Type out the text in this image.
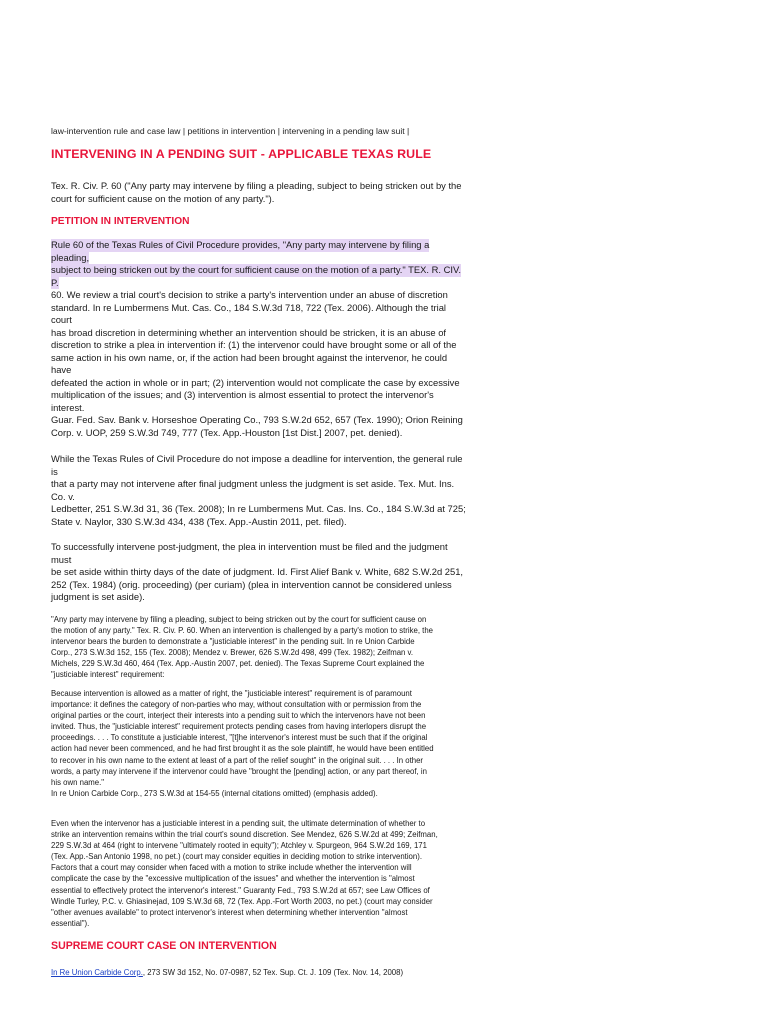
law-intervention rule and case law | petitions in intervention | intervening in a pending law suit |
INTERVENING IN A PENDING SUIT - APPLICABLE TEXAS RULE
Tex. R. Civ. P. 60 ("Any party may intervene by filing a pleading, subject to being stricken out by the
court for sufficient cause on the motion of any party.").
PETITION IN INTERVENTION
Rule 60 of the Texas Rules of Civil Procedure provides, "Any party may intervene by filing a
pleading,
subject to being stricken out by the court for sufficient cause on the motion of a party." TEX. R. CIV.
P.
60. We review a trial court's decision to strike a party's intervention under an abuse of discretion
standard. In re Lumbermens Mut. Cas. Co., 184 S.W.3d 718, 722 (Tex. 2006). Although the trial
court
has broad discretion in determining whether an intervention should be stricken, it is an abuse of
discretion to strike a plea in intervention if: (1) the intervenor could have brought some or all of the
same action in his own name, or, if the action had been brought against the intervenor, he could
have
defeated the action in whole or in part; (2) intervention would not complicate the case by excessive
multiplication of the issues; and (3) intervention is almost essential to protect the intervenor's
interest.
Guar. Fed. Sav. Bank v. Horseshoe Operating Co., 793 S.W.2d 652, 657 (Tex. 1990); Orion Reining
Corp. v. UOP, 259 S.W.3d 749, 777 (Tex. App.-Houston [1st Dist.] 2007, pet. denied).
While the Texas Rules of Civil Procedure do not impose a deadline for intervention, the general rule
is
that a party may not intervene after final judgment unless the judgment is set aside. Tex. Mut. Ins.
Co. v.
Ledbetter, 251 S.W.3d 31, 36 (Tex. 2008); In re Lumbermens Mut. Cas. Ins. Co., 184 S.W.3d at 725;
State v. Naylor, 330 S.W.3d 434, 438 (Tex. App.-Austin 2011, pet. filed).
To successfully intervene post-judgment, the plea in intervention must be filed and the judgment
must
be set aside within thirty days of the date of judgment. Id. First Alief Bank v. White, 682 S.W.2d 251,
252 (Tex. 1984) (orig. proceeding) (per curiam) (plea in intervention cannot be considered unless
judgment is set aside).
"Any party may intervene by filing a pleading, subject to being stricken out by the court for sufficient cause on
the motion of any party." Tex. R. Civ. P. 60. When an intervention is challenged by a party's motion to strike, the
intervenor bears the burden to demonstrate a "justiciable interest" in the pending suit. In re Union Carbide
Corp., 273 S.W.3d 152, 155 (Tex. 2008); Mendez v. Brewer, 626 S.W.2d 498, 499 (Tex. 1982); Zeifman v.
Michels, 229 S.W.3d 460, 464 (Tex. App.-Austin 2007, pet. denied). The Texas Supreme Court explained the
"justiciable interest" requirement:
Because intervention is allowed as a matter of right, the "justiciable interest" requirement is of paramount
importance: it defines the category of non-parties who may, without consultation with or permission from the
original parties or the court, interject their interests into a pending suit to which the intervenors have not been
invited. Thus, the "justiciable interest" requirement protects pending cases from having interlopers disrupt the
proceedings. . . . To constitute a justiciable interest, "[t]he intervenor's interest must be such that if the original
action had never been commenced, and he had first brought it as the sole plaintiff, he would have been entitled
to recover in his own name to the extent at least of a part of the relief sought" in the original suit. . . . In other
words, a party may intervene if the intervenor could have "brought the [pending] action, or any part thereof, in
his own name."
In re Union Carbide Corp., 273 S.W.3d at 154-55 (internal citations omitted) (emphasis added).
Even when the intervenor has a justiciable interest in a pending suit, the ultimate determination of whether to
strike an intervention remains within the trial court's sound discretion. See Mendez, 626 S.W.2d at 499; Zeifman,
229 S.W.3d at 464 (right to intervene "ultimately rooted in equity"); Atchley v. Spurgeon, 964 S.W.2d 169, 171
(Tex. App.-San Antonio 1998, no pet.) (court may consider equities in deciding motion to strike intervention).
Factors that a court may consider when faced with a motion to strike include whether the intervention will
complicate the case by the "excessive multiplication of the issues" and whether the intervention is "almost
essential to effectively protect the intervenor's interest." Guaranty Fed., 793 S.W.2d at 657; see Law Offices of
Windle Turley, P.C. v. Ghiasinejad, 109 S.W.3d 68, 72 (Tex. App.-Fort Worth 2003, no pet.) (court may consider
"other avenues available" to protect intervenor's interest when determining whether intervention "almost
essential").
SUPREME COURT CASE ON INTERVENTION
In Re Union Carbide Corp., 273 SW 3d 152, No. 07-0987, 52 Tex. Sup. Ct. J. 109 (Tex. Nov. 14, 2008)
